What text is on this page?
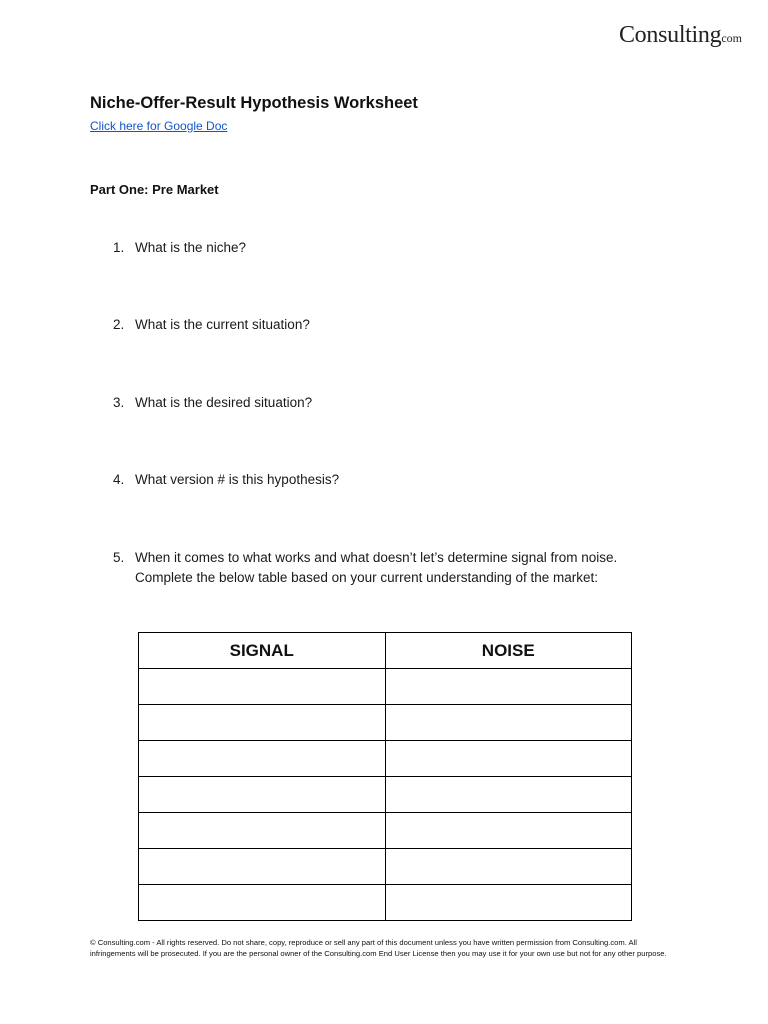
Consultingcom
Niche-Offer-Result Hypothesis Worksheet
Click here for Google Doc
Part One: Pre Market
1. What is the niche?
2. What is the current situation?
3. What is the desired situation?
4. What version # is this hypothesis?
5. When it comes to what works and what doesn’t let’s determine signal from noise.
Complete the below table based on your current understanding of the market:
SIGNAL	NOISE

© Consulting.com - All rights reserved. Do not share, copy, reproduce or sell any part of this document unless you have written permission from Consulting.com. All
infringements will be prosecuted. If you are the personal owner of the Consulting.com End User License then you may use it for your own use but not for any other purpose.
